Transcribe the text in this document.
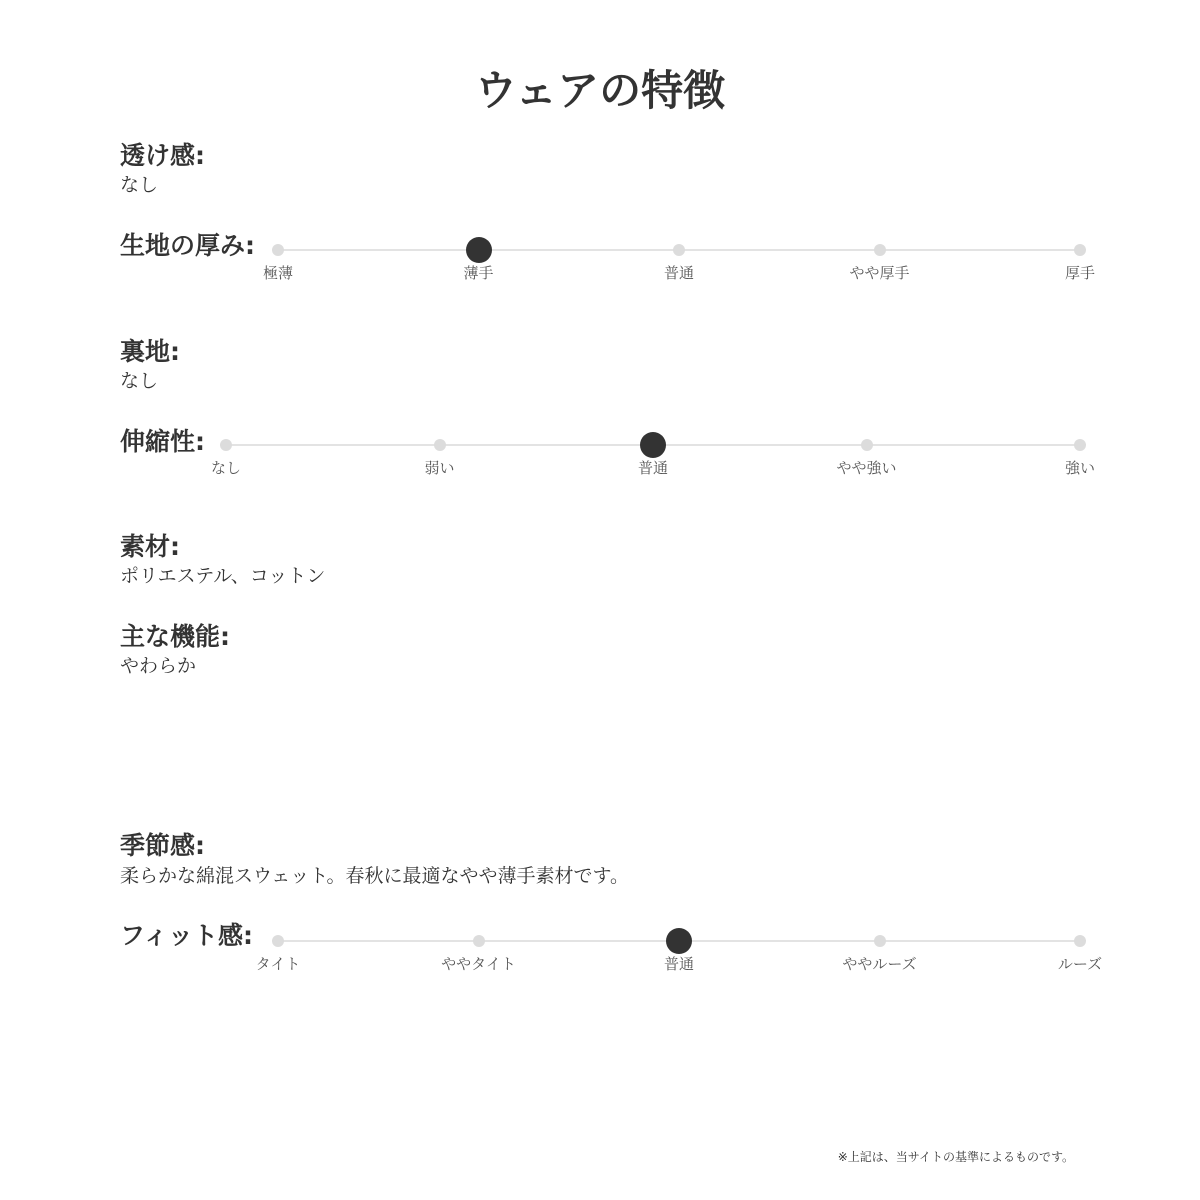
ウェアの特徴
透け感:
なし
生地の厚み:
極薄	薄手	普通	やや厚手	厚手
裏地:
なし
伸縮性:
なし	弱い	普通	やや強い	強い
素材:
ポリエステル、コットン
主な機能:
やわらか
季節感:
柔らかな綿混スウェット。春秋に最適なやや薄手素材です。
フィット感:
タイト	ややタイト	普通	ややルーズ	ルーズ
※上記は、当サイトの基準によるものです。
